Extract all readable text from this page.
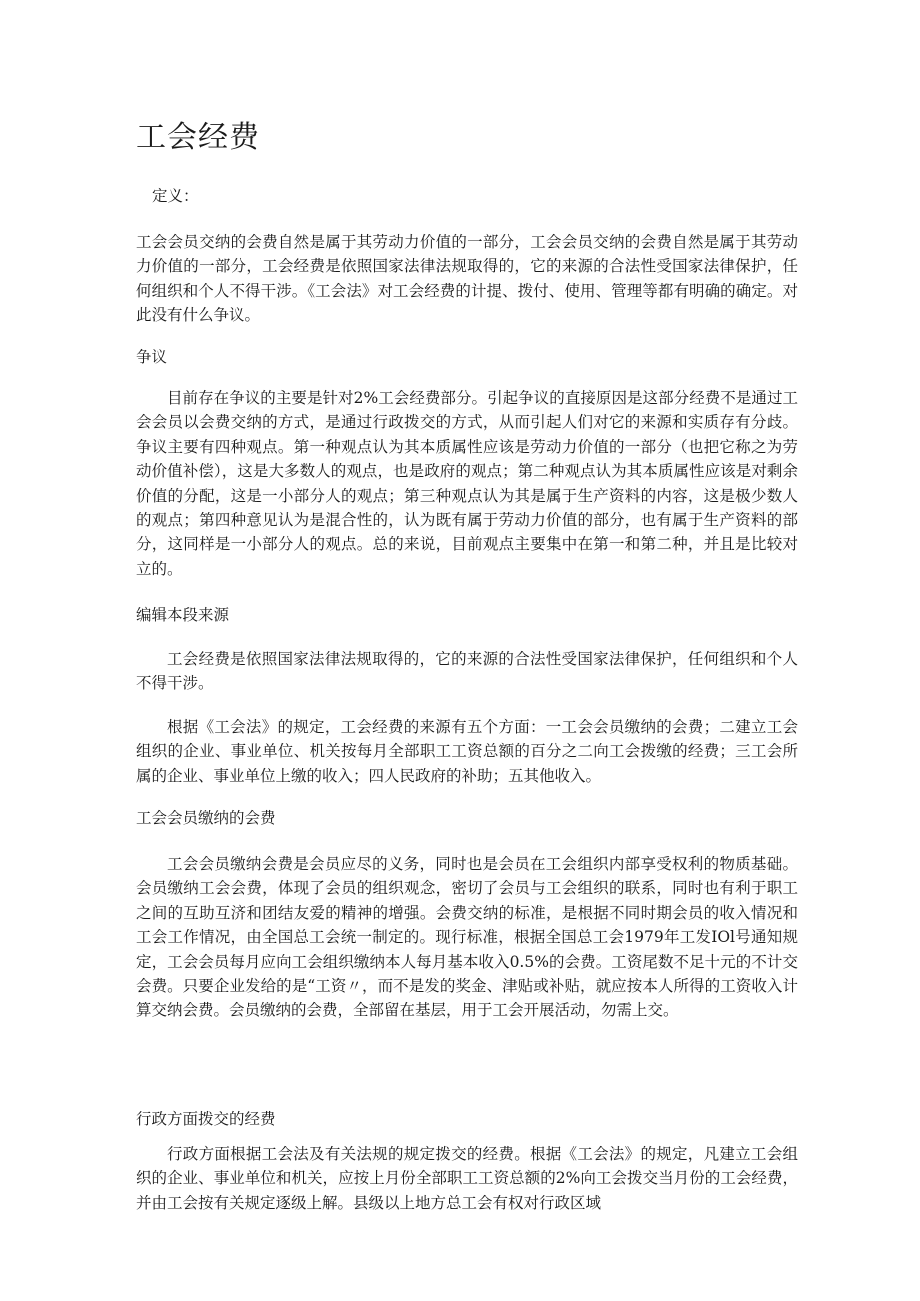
工会经费

定义：

工会会员交纳的会费自然是属于其劳动力价值的一部分，工会会员交纳的会费自然是属于其劳动力价值的一部分，工会经费是依照国家法律法规取得的，它的来源的合法性受国家法律保护，任何组织和个人不得干涉。《工会法》对工会经费的计提、拨付、使用、管理等都有明确的确定。对此没有什么争议。

争议

目前存在争议的主要是针对2%工会经费部分。引起争议的直接原因是这部分经费不是通过工会会员以会费交纳的方式，是通过行政拨交的方式，从而引起人们对它的来源和实质存有分歧。争议主要有四种观点。第一种观点认为其本质属性应该是劳动力价值的一部分（也把它称之为劳动价值补偿），这是大多数人的观点，也是政府的观点；第二种观点认为其本质属性应该是对剩余价值的分配，这是一小部分人的观点；第三种观点认为其是属于生产资料的内容，这是极少数人的观点；第四种意见认为是混合性的，认为既有属于劳动力价值的部分，也有属于生产资料的部分，这同样是一小部分人的观点。总的来说，目前观点主要集中在第一和第二种，并且是比较对立的。

编辑本段来源

工会经费是依照国家法律法规取得的，它的来源的合法性受国家法律保护，任何组织和个人不得干涉。

根据《工会法》的规定，工会经费的来源有五个方面：一工会会员缴纳的会费；二建立工会组织的企业、事业单位、机关按每月全部职工工资总额的百分之二向工会拨缴的经费；三工会所属的企业、事业单位上缴的收入；四人民政府的补助；五其他收入。

工会会员缴纳的会费

工会会员缴纳会费是会员应尽的义务，同时也是会员在工会组织内部享受权利的物质基础。会员缴纳工会会费，体现了会员的组织观念，密切了会员与工会组织的联系，同时也有利于职工之间的互助互济和团结友爱的精神的增强。会费交纳的标准，是根据不同时期会员的收入情况和工会工作情况，由全国总工会统一制定的。现行标准，根据全国总工会1979年工发IOl号通知规定，工会会员每月应向工会组织缴纳本人每月基本收入0.5%的会费。工资尾数不足十元的不计交会费。只要企业发给的是“工资〃，而不是发的奖金、津贴或补贴，就应按本人所得的工资收入计算交纳会费。会员缴纳的会费，全部留在基层，用于工会开展活动，勿需上交。

行政方面拨交的经费

行政方面根据工会法及有关法规的规定拨交的经费。根据《工会法》的规定，凡建立工会组织的企业、事业单位和机关，应按上月份全部职工工资总额的2%向工会拨交当月份的工会经费，并由工会按有关规定逐级上解。县级以上地方总工会有权对行政区域
